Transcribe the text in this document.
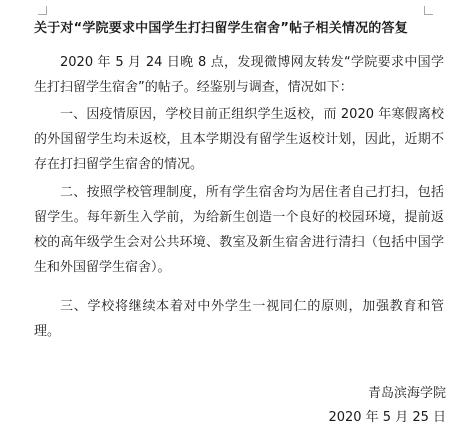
关于对“学院要求中国学生打扫留学生宿舍”帖子相关情况的答复
2020 年 5 月 24 日晚 8 点，发现微博网友转发“学院要求中国学生打扫留学生宿舍”的帖子。经鉴别与调查，情况如下：
一、因疫情原因，学校目前正组织学生返校，而 2020 年寒假离校的外国留学生均未返校，且本学期没有留学生返校计划，因此，近期不存在打扫留学生宿舍的情况。
二、按照学校管理制度，所有学生宿舍均为居住者自己打扫，包括留学生。每年新生入学前，为给新生创造一个良好的校园环境，提前返校的高年级学生会对公共环境、教室及新生宿舍进行清扫（包括中国学生和外国留学生宿舍）。
三、学校将继续本着对中外学生一视同仁的原则，加强教育和管理。
青岛滨海学院
2020 年 5 月 25 日
